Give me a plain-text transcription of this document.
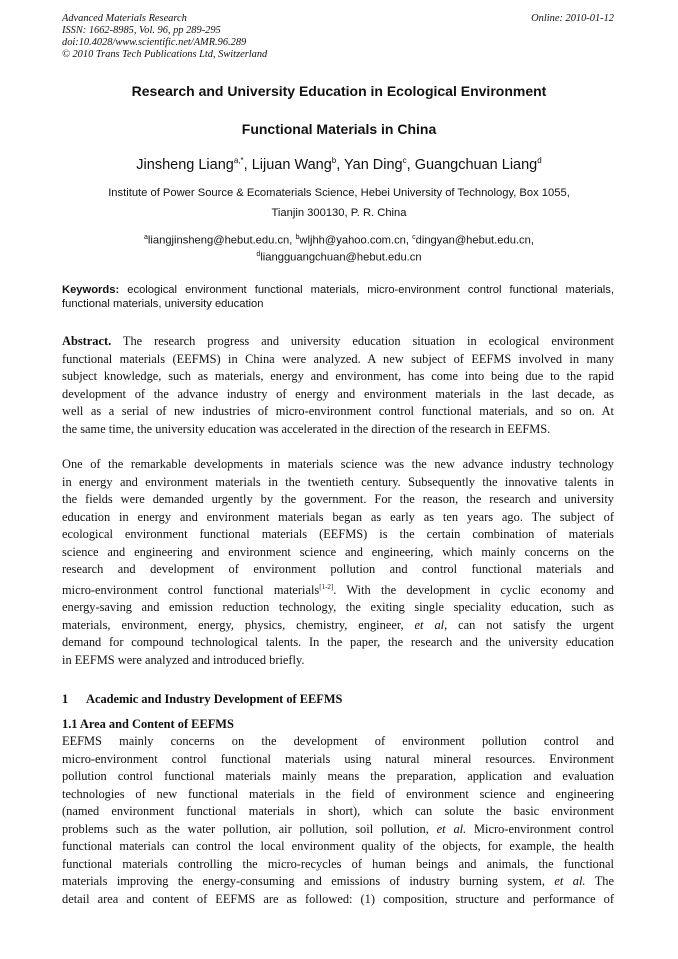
Advanced Materials Research
ISSN: 1662-8985, Vol. 96, pp 289-295
doi:10.4028/www.scientific.net/AMR.96.289
© 2010 Trans Tech Publications Ltd, Switzerland
Online: 2010-01-12
Research and University Education in Ecological Environment
Functional Materials in China
Jinsheng Liang$^{a,*}$, Lijuan Wang$^b$, Yan Ding$^c$, Guangchuan Liang$^d$
Institute of Power Source & Ecomaterials Science, Hebei University of Technology, Box 1055,
Tianjin 300130, P. R. China
$^a$liangjinsheng@hebut.edu.cn, $^b$wljhh@yahoo.com.cn, $^c$dingyan@hebut.edu.cn,
$^d$liangguangchuan@hebut.edu.cn
Keywords: ecological environment functional materials, micro-environment control functional materials, functional materials, university education
Abstract. The research progress and university education situation in ecological environment
functional materials (EEFMS) in China were analyzed. A new subject of EEFMS involved in many
subject knowledge, such as materials, energy and environment, has come into being due to the rapid
development of the advance industry of energy and environment materials in the last decade, as
well as a serial of new industries of micro-environment control functional materials, and so on. At
the same time, the university education was accelerated in the direction of the research in EEFMS.
One of the remarkable developments in materials science was the new advance industry technology
in energy and environment materials in the twentieth century. Subsequently the innovative talents in
the fields were demanded urgently by the government. For the reason, the research and university
education in energy and environment materials began as early as ten years ago. The subject of
ecological environment functional materials (EEFMS) is the certain combination of materials
science and engineering and environment science and engineering, which mainly concerns on the
research and development of environment pollution and control functional materials and
micro-environment control functional materials[1-2]. With the development in cyclic economy and
energy-saving and emission reduction technology, the exiting single speciality education, such as
materials, environment, energy, physics, chemistry, engineer, et al, can not satisfy the urgent
demand for compound technological talents. In the paper, the research and the university education
in EEFMS were analyzed and introduced briefly.
1 Academic and Industry Development of EEFMS
1.1 Area and Content of EEFMS
EEFMS mainly concerns on the development of environment pollution control and
micro-environment control functional materials using natural mineral resources. Environment
pollution control functional materials mainly means the preparation, application and evaluation
technologies of new functional materials in the field of environment science and engineering
(named environment functional materials in short), which can solute the basic environment
problems such as the water pollution, air pollution, soil pollution, et al. Micro-environment control
functional materials can control the local environment quality of the objects, for example, the health
functional materials controlling the micro-recycles of human beings and animals, the functional
materials improving the energy-consuming and emissions of industry burning system, et al. The
detail area and content of EEFMS are as followed: (1) composition, structure and performance of
